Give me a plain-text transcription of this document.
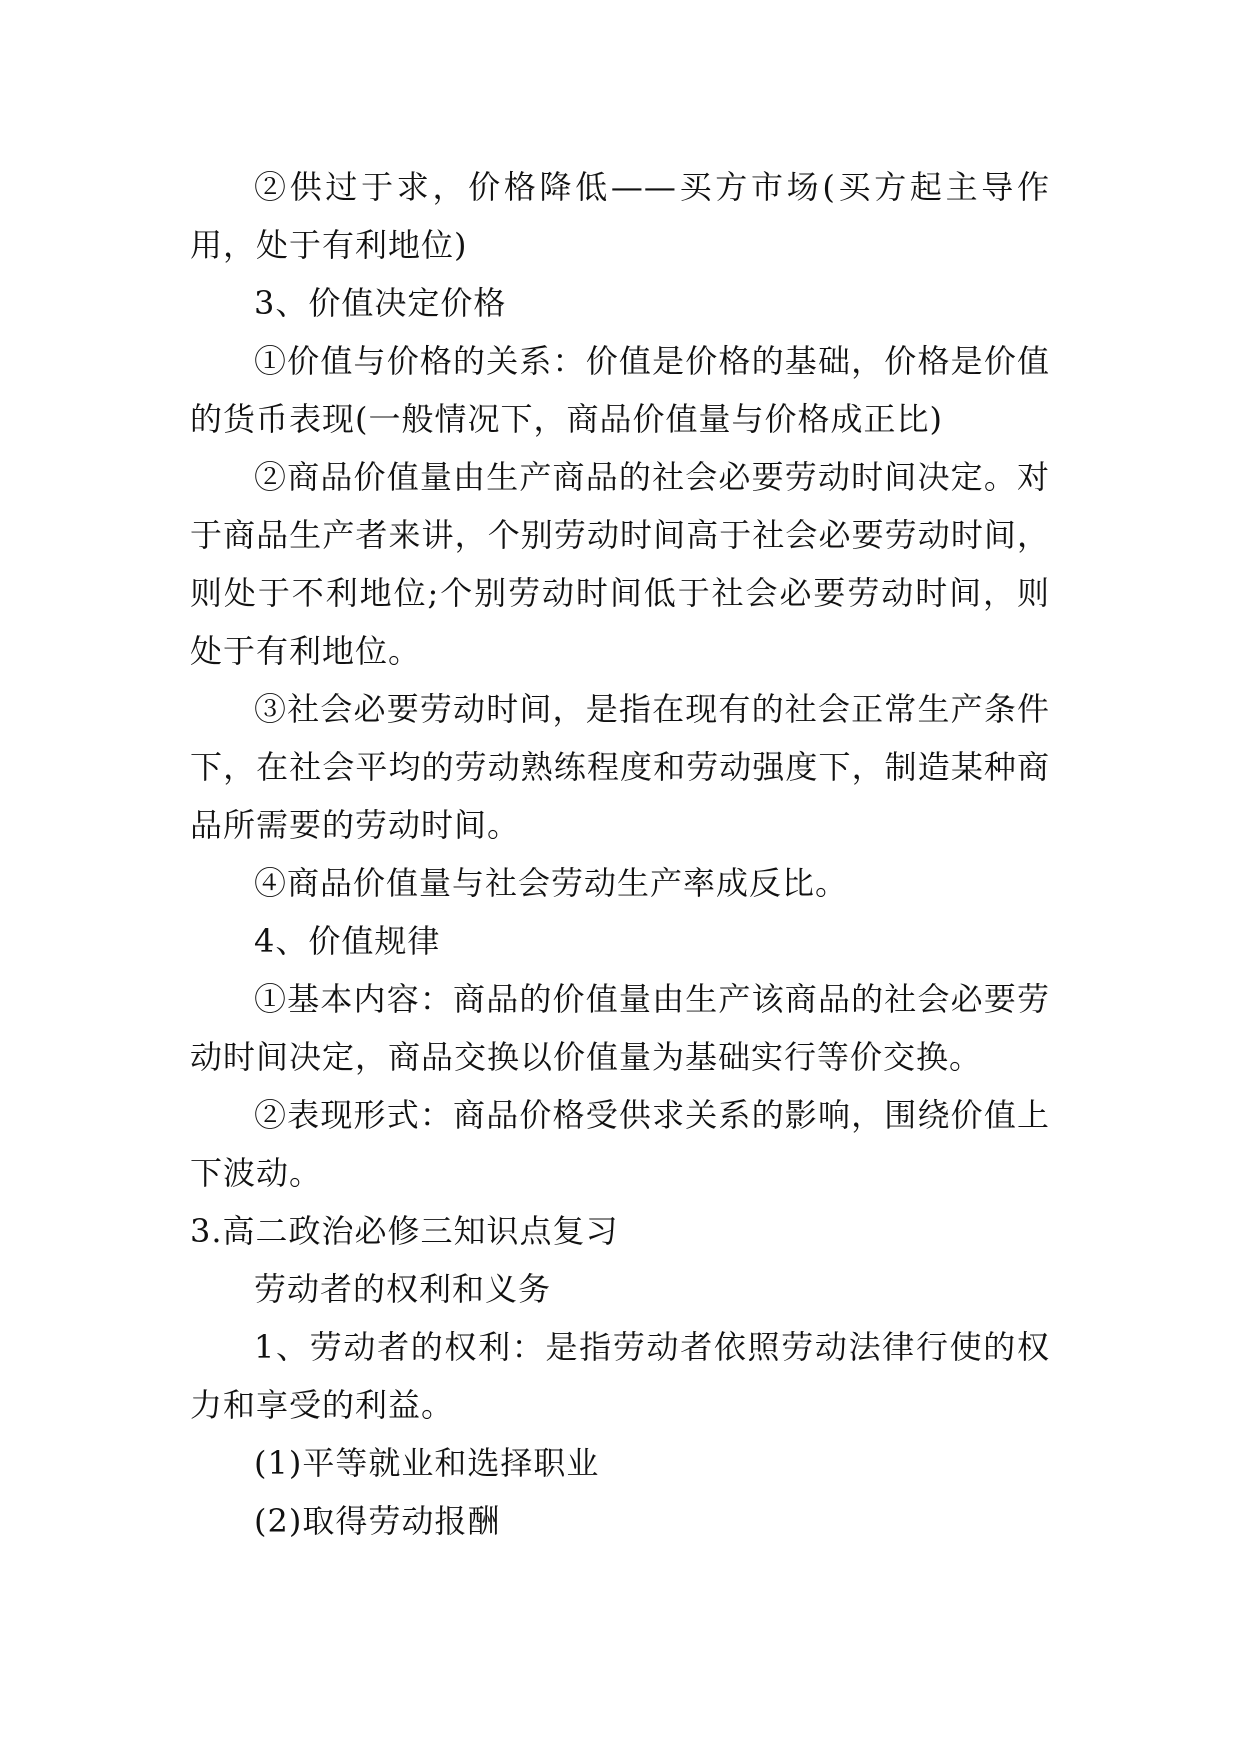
②供过于求，价格降低——买方市场(买方起主导作用，处于有利地位)

3、价值决定价格

①价值与价格的关系：价值是价格的基础，价格是价值的货币表现(一般情况下，商品价值量与价格成正比)

②商品价值量由生产商品的社会必要劳动时间决定。对于商品生产者来讲，个别劳动时间高于社会必要劳动时间，则处于不利地位;个别劳动时间低于社会必要劳动时间，则处于有利地位。

③社会必要劳动时间，是指在现有的社会正常生产条件下，在社会平均的劳动熟练程度和劳动强度下，制造某种商品所需要的劳动时间。

④商品价值量与社会劳动生产率成反比。

4、价值规律

①基本内容：商品的价值量由生产该商品的社会必要劳动时间决定，商品交换以价值量为基础实行等价交换。

②表现形式：商品价格受供求关系的影响，围绕价值上下波动。

3.高二政治必修三知识点复习

劳动者的权利和义务

1、劳动者的权利：是指劳动者依照劳动法律行使的权力和享受的利益。

(1)平等就业和选择职业

(2)取得劳动报酬
